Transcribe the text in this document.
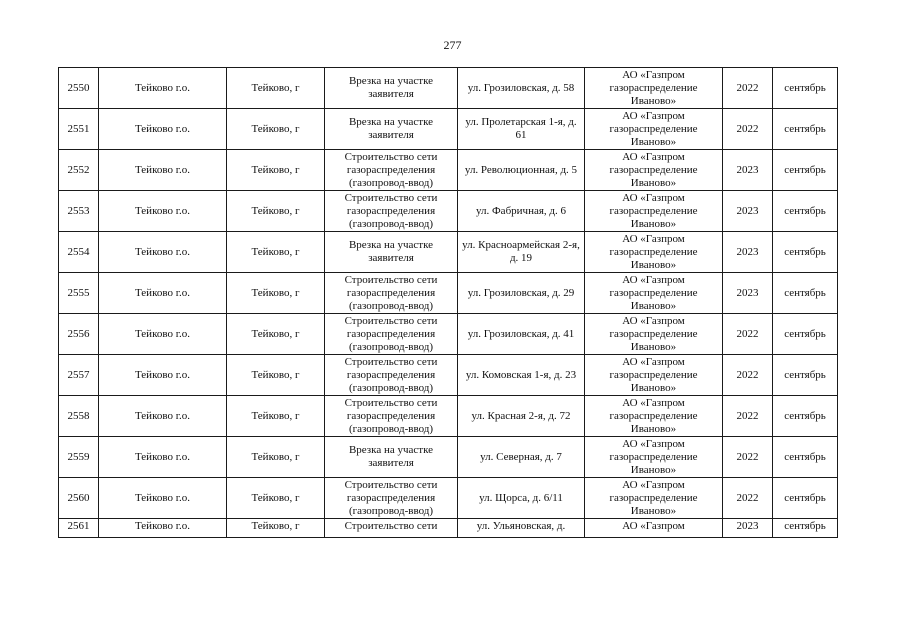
277
2550	Тейково г.о.	Тейково, г	Врезка на участке заявителя	ул. Грозиловская, д. 58	АО «Газпром газораспределение Иваново»	2022	сентябрь
2551	Тейково г.о.	Тейково, г	Врезка на участке заявителя	ул. Пролетарская 1-я, д. 61	АО «Газпром газораспределение Иваново»	2022	сентябрь
2552	Тейково г.о.	Тейково, г	Строительство сети газораспределения (газопровод-ввод)	ул. Революционная, д. 5	АО «Газпром газораспределение Иваново»	2023	сентябрь
2553	Тейково г.о.	Тейково, г	Строительство сети газораспределения (газопровод-ввод)	ул. Фабричная, д. 6	АО «Газпром газораспределение Иваново»	2023	сентябрь
2554	Тейково г.о.	Тейково, г	Врезка на участке заявителя	ул. Красноармейская 2-я, д. 19	АО «Газпром газораспределение Иваново»	2023	сентябрь
2555	Тейково г.о.	Тейково, г	Строительство сети газораспределения (газопровод-ввод)	ул. Грозиловская, д. 29	АО «Газпром газораспределение Иваново»	2023	сентябрь
2556	Тейково г.о.	Тейково, г	Строительство сети газораспределения (газопровод-ввод)	ул. Грозиловская, д. 41	АО «Газпром газораспределение Иваново»	2022	сентябрь
2557	Тейково г.о.	Тейково, г	Строительство сети газораспределения (газопровод-ввод)	ул. Комовская 1-я, д. 23	АО «Газпром газораспределение Иваново»	2022	сентябрь
2558	Тейково г.о.	Тейково, г	Строительство сети газораспределения (газопровод-ввод)	ул. Красная 2-я, д. 72	АО «Газпром газораспределение Иваново»	2022	сентябрь
2559	Тейково г.о.	Тейково, г	Врезка на участке заявителя	ул. Северная, д. 7	АО «Газпром газораспределение Иваново»	2022	сентябрь
2560	Тейково г.о.	Тейково, г	Строительство сети газораспределения (газопровод-ввод)	ул. Щорса, д. 6/11	АО «Газпром газораспределение Иваново»	2022	сентябрь
2561	Тейково г.о.	Тейково, г	Строительство сети	ул. Ульяновская, д.	АО «Газпром	2023	сентябрь
